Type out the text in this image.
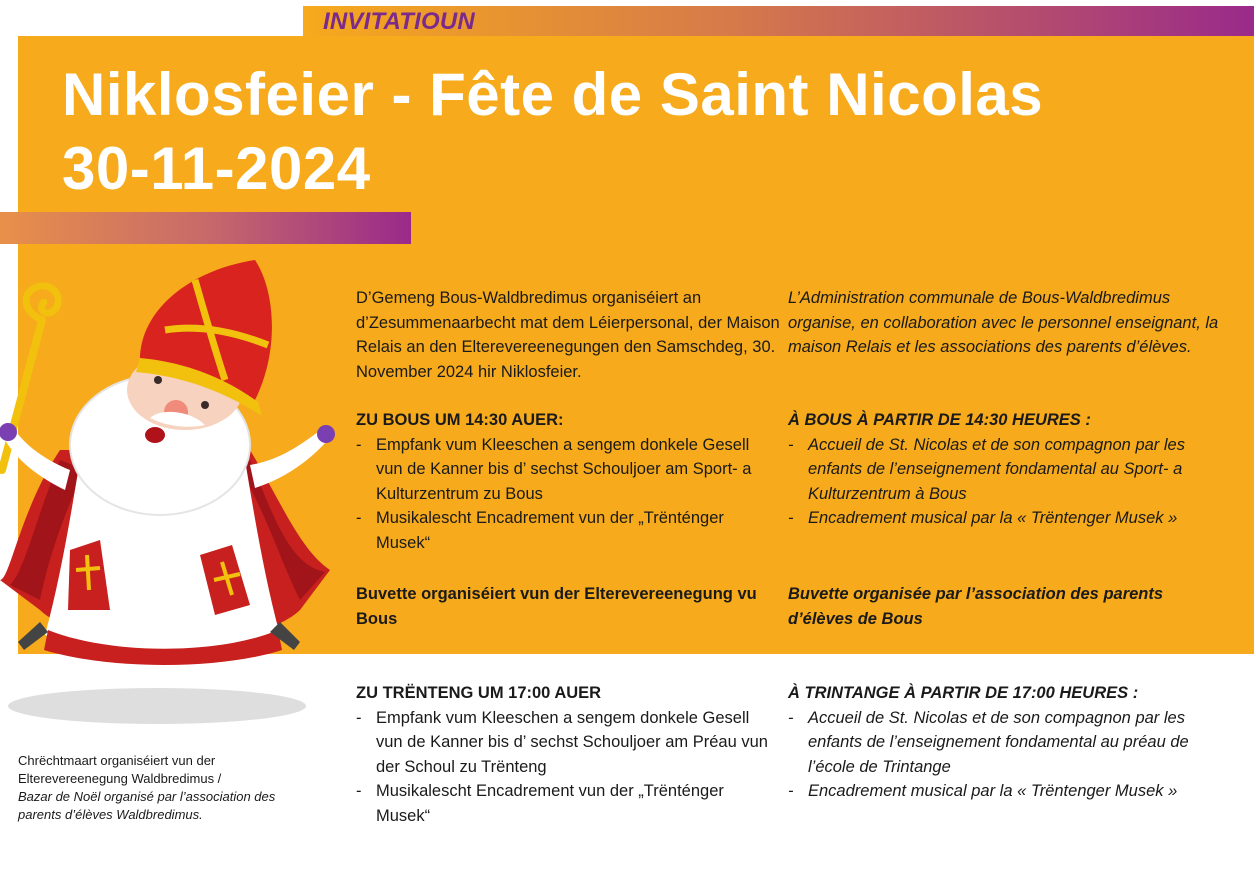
INVITATIOUN
Niklosfeier - Fête de Saint Nicolas
30-11-2024
D’Gemeng Bous-Waldbredimus organiséiert an d’Zesummenaarbecht mat dem Léierpersonal, der Maison Relais an den Elterevereenegungen den Samschdeg, 30. November 2024 hir Niklosfeier.
L’Administration communale de Bous-Waldbredimus organise, en collaboration avec le personnel enseignant, la maison Relais et les associations des parents d’élèves.
ZU BOUS UM 14:30 AUER:
- Empfank vum Kleeschen a sengem donkele Gesell vun de Kanner bis d’ sechst Schouljoer am Sport- a Kulturzentrum zu Bous
- Musikalescht Encadrement vun der „Trënténger Musek“
À BOUS À PARTIR DE 14:30 HEURES :
- Accueil de St. Nicolas et de son compagnon par les enfants de l’enseignement fondamental au Sport- a Kulturzentrum à Bous
- Encadrement musical par la « Trëntenger Musek »
Buvette organiséiert vun der Elterevereenegung vu Bous
Buvette organisée par l’association des parents d’élèves de Bous
ZU TRËNTENG UM 17:00 AUER
- Empfank vum Kleeschen a sengem donkele Gesell vun de Kanner bis d’ sechst Schouljoer am Préau vun der Schoul zu Trënteng
- Musikalescht Encadrement vun der „Trënténger Musek“
À TRINTANGE À PARTIR DE 17:00 HEURES :
- Accueil de St. Nicolas et de son compagnon par les enfants de l’enseignement fondamental au préau de l’école de Trintange
- Encadrement musical par la « Trëntenger Musek »
Chrëchtmaart organiséiert vun der Elterevereenegung Waldbredimus /
Bazar de Noël organisé par l’association des parents d’élèves Waldbredimus.
